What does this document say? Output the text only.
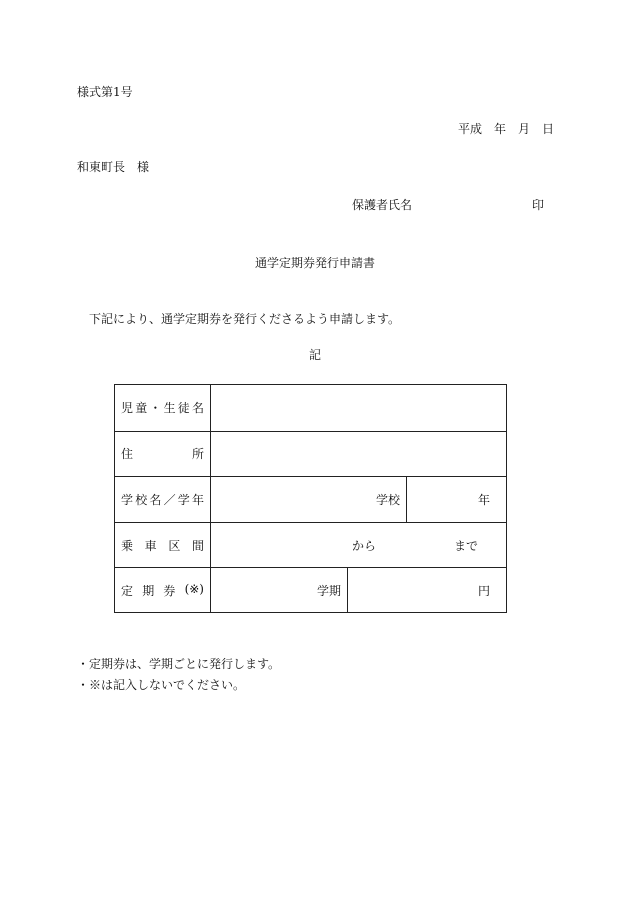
様式第1号
平成 年 月 日
和東町長　様
保護者氏名	印
通学定期券発行申請書
下記により、通学定期券を発行くださるよう申請します。
記
児 童 ・ 生 徒 名
住	所
学 校 名 ／ 学 年	学校	年
乗 車 区 間	から	まで
定 期 券 (※)	学期	円
・定期券は、学期ごとに発行します。
・※は記入しないでください。
